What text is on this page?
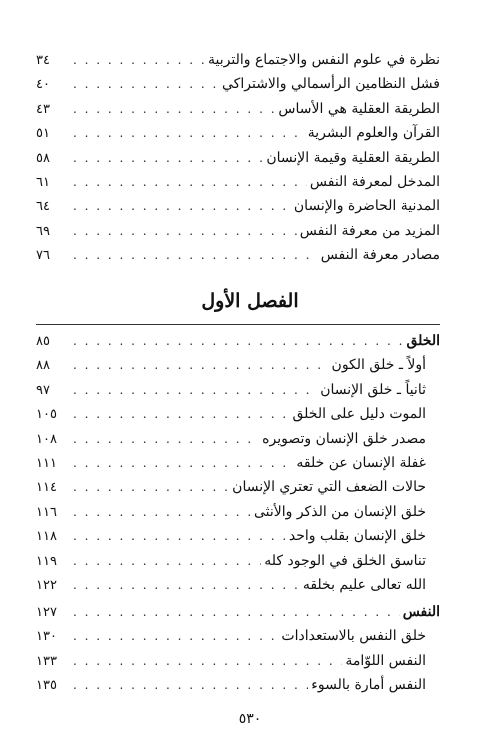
نظرة في علوم النفس والاجتماع والتربية
. . .
٣٤
فشل النظامين الرأسمالي والاشتراكي
. . .
٤٠
الطريقة العقلية هي الأساس
. . .
٤٣
القرآن والعلوم البشرية
. . .
٥١
الطريقة العقلية وقيمة الإنسان
. . .
٥٨
المدخل لمعرفة النفس
. . .
٦١
المدنية الحاضرة والإنسان
. . .
٦٤
المزيد من معرفة النفس
. . .
٦٩
مصادر معرفة النفس
. . .
٧٦
الفصل الأول
الخلق
. . .
٨٥
أولاً ـ خلق الكون
. . .
٨٨
ثانياً ـ خلق الإنسان
. . .
٩٧
الموت دليل على الخلق
. . .
١٠٥
مصدر خلق الإنسان وتصويره
. . .
١٠٨
غفلة الإنسان عن خلقه
. . .
١١١
حالات الضعف التي تعتري الإنسان
. . .
١١٤
خلق الإنسان من الذكر والأنثى
. . .
١١٦
خلق الإنسان بقلب واحد
. . .
١١٨
تناسق الخلق في الوجود كله
. . .
١١٩
الله تعالى عليم بخلقه
. . .
١٢٢
النفس
. . .
١٢٧
خلق النفس بالاستعدادات
. . .
١٣٠
النفس اللوّامة
. . .
١٣٣
النفس أمارة بالسوء
. . .
١٣٥
٥٣٠
